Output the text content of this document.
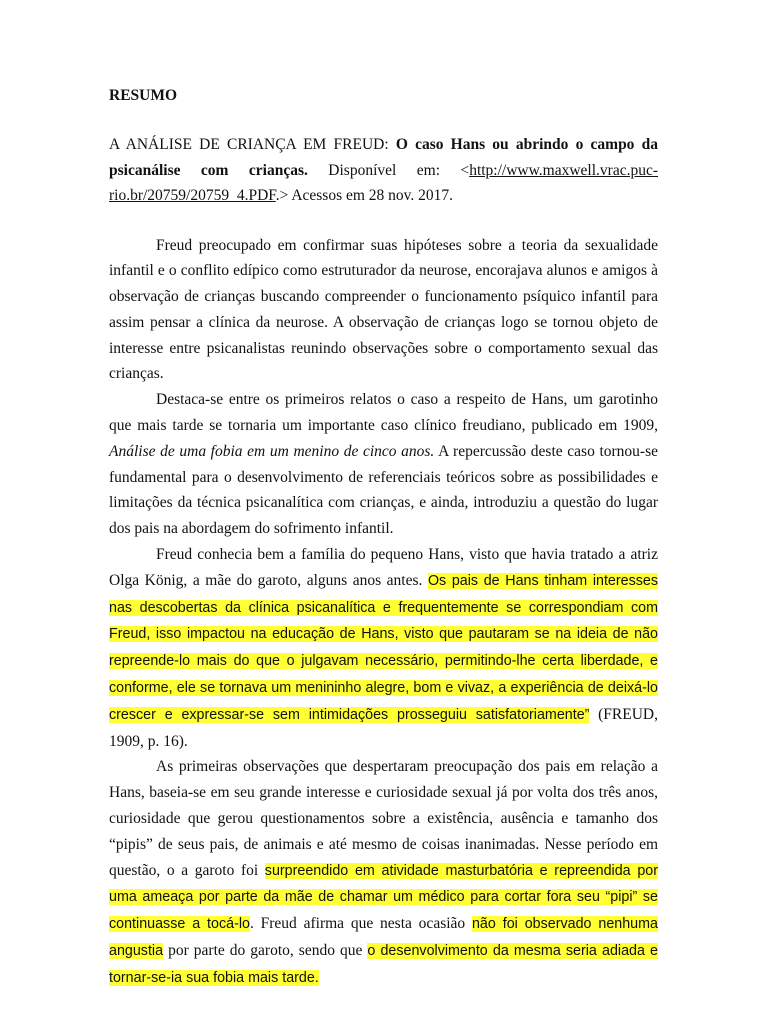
RESUMO

A ANÁLISE DE CRIANÇA EM FREUD: O caso Hans ou abrindo o campo da psicanálise com crianças. Disponível em: <http://www.maxwell.vrac.puc-rio.br/20759/20759_4.PDF.> Acessos em 28 nov. 2017.

Freud preocupado em confirmar suas hipóteses sobre a teoria da sexualidade infantil e o conflito edípico como estruturador da neurose, encorajava alunos e amigos à observação de crianças buscando compreender o funcionamento psíquico infantil para assim pensar a clínica da neurose. A observação de crianças logo se tornou objeto de interesse entre psicanalistas reunindo observações sobre o comportamento sexual das crianças.

Destaca-se entre os primeiros relatos o caso a respeito de Hans, um garotinho que mais tarde se tornaria um importante caso clínico freudiano, publicado em 1909, Análise de uma fobia em um menino de cinco anos. A repercussão deste caso tornou-se fundamental para o desenvolvimento de referenciais teóricos sobre as possibilidades e limitações da técnica psicanalítica com crianças, e ainda, introduziu a questão do lugar dos pais na abordagem do sofrimento infantil.

Freud conhecia bem a família do pequeno Hans, visto que havia tratado a atriz Olga König, a mãe do garoto, alguns anos antes. Os pais de Hans tinham interesses nas descobertas da clínica psicanalítica e frequentemente se correspondiam com Freud, isso impactou na educação de Hans, visto que pautaram se na ideia de não repreende-lo mais do que o julgavam necessário, permitindo-lhe certa liberdade, e conforme, ele se tornava um menininho alegre, bom e vivaz, a experiência de deixá-lo crescer e expressar-se sem intimidações prosseguiu satisfatoriamente” (FREUD, 1909, p. 16).

As primeiras observações que despertaram preocupação dos pais em relação a Hans, baseia-se em seu grande interesse e curiosidade sexual já por volta dos três anos, curiosidade que gerou questionamentos sobre a existência, ausência e tamanho dos “pipis” de seus pais, de animais e até mesmo de coisas inanimadas. Nesse período em questão, o a garoto foi surpreendido em atividade masturbatória e repreendida por uma ameaça por parte da mãe de chamar um médico para cortar fora seu “pipi” se continuasse a tocá-lo. Freud afirma que nesta ocasião não foi observado nenhuma angustia por parte do garoto, sendo que o desenvolvimento da mesma seria adiada e tornar-se-ia sua fobia mais tarde.
